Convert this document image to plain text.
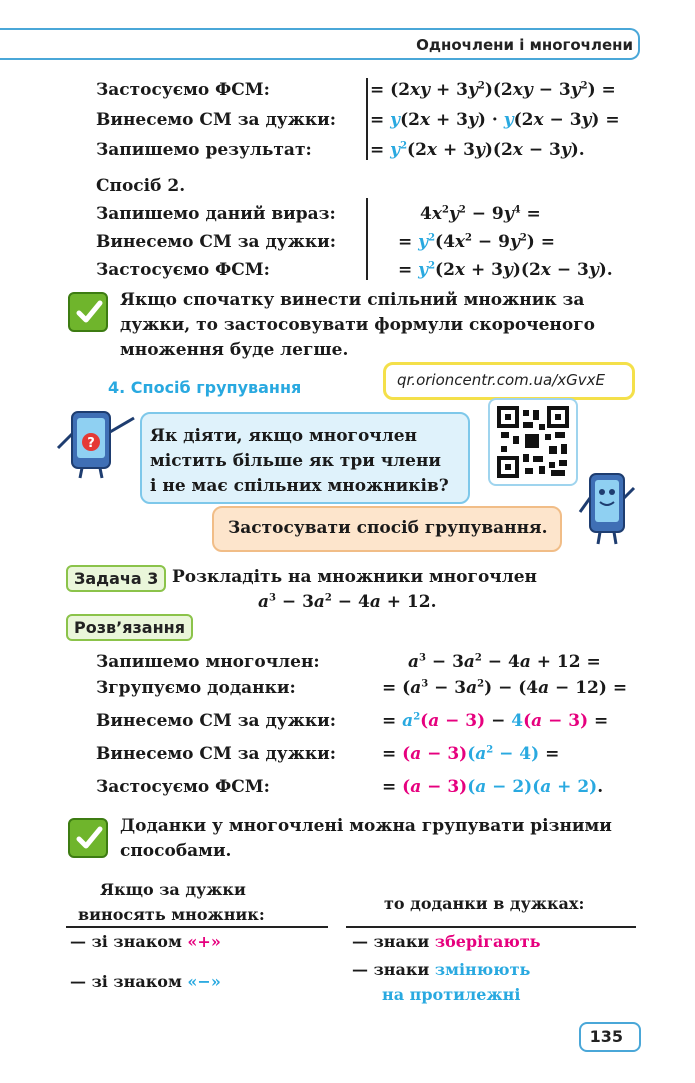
Одночлени і многочлени
Застосуємо ФСМ:
Винесемо СМ за дужки:
Запишемо результат:
= $(2xy + 3y^2)(2xy - 3y^2)$ =
= y(2x + 3y) · y(2x − 3y) =
= $y^2(2x + 3y)(2x - 3y)$.
Спосіб 2.
Запишемо даний вираз:
Винесемо СМ за дужки:
Застосуємо ФСМ:
$4x^2y^2 - 9y^4$ =
= $y^2(4x^2 - 9y^2)$ =
= $y^2(2x + 3y)(2x - 3y)$.
Якщо спочатку винести спільний множник за
дужки, то застосовувати формули скороченого
множення буде легше.
4. Спосіб групування	qr.orioncentr.com.ua/xGvxE
?	Як діяти, якщо многочлен
містить більше як три члени
і не має спільних множників?
Застосувати спосіб групування.
Задача 3 Розкладіть на множники многочлен
$a^3 - 3a^2 - 4a + 12$.
Розв’язання
Запишемо многочлен:
Згрупуємо доданки:
Винесемо СМ за дужки:
Винесемо СМ за дужки:
Застосуємо ФСМ:
$a^3 - 3a^2 - 4a + 12$ =
= $(a^3 - 3a^2) - (4a - 12)$ =
= $a^2(a - 3) - 4(a - 3)$ =
= $(a - 3)(a^2 - 4)$ =
= (a − 3)(a − 2)(a + 2).
Доданки у многочлені можна групувати різними
способами.
Якщо за дужки
виносять множник:
то доданки в дужках:
— зі знаком «+»
— зі знаком «−»
— знаки зберігають
— знаки змінюють
на протилежні
135
